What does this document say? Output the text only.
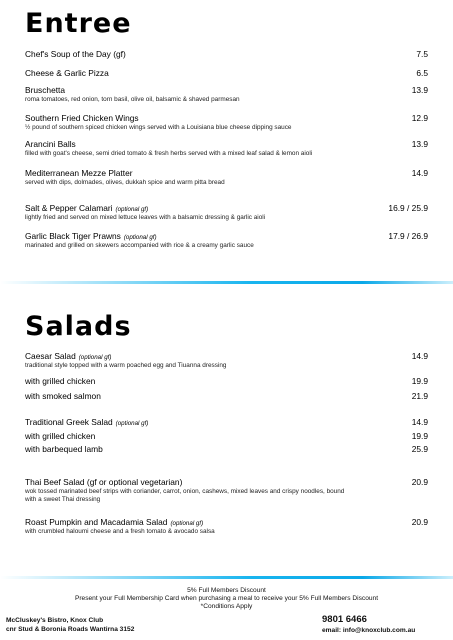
Entree
Chef's Soup of the Day (gf)	7.5
Cheese & Garlic Pizza	6.5
Bruschetta	13.9
roma tomatoes, red onion, torn basil, olive oil, balsamic & shaved parmesan
Southern Fried Chicken Wings	12.9
½ pound of southern spiced chicken wings served with a Louisiana blue cheese dipping sauce
Arancini Balls	13.9
filled with goat's cheese, semi dried tomato & fresh herbs served with a mixed leaf salad & lemon aioli
Mediterranean Mezze Platter	14.9
served with dips, dolmades, olives, dukkah spice and warm pitta bread
Salt & Pepper Calamari (optional gf)	16.9 / 25.9
lightly fried and served on mixed lettuce leaves with a balsamic dressing & garlic aioli
Garlic Black Tiger Prawns (optional gf)	17.9 / 26.9
marinated and grilled on skewers accompanied with rice & a creamy garlic sauce
Salads
Caesar Salad (optional gf)	14.9
traditional style topped with a warm poached egg and Tiuanna dressing
with grilled chicken	19.9
with smoked salmon	21.9
Traditional Greek Salad (optional gf)	14.9
with grilled chicken	19.9
with barbequed lamb	25.9
Thai Beef Salad (gf or optional vegetarian)	20.9
wok tossed marinated beef strips with coriander, carrot, onion, cashews, mixed leaves and crispy noodles, bound with a sweet Thai dressing
Roast Pumpkin and Macadamia Salad (optional gf)	20.9
with crumbled haloumi cheese and a fresh tomato & avocado salsa
5% Full Members Discount
Present your Full Membership Card when purchasing a meal to receive your 5% Full Members Discount
*Conditions Apply
McCluskey's Bistro, Knox Club
cnr Stud & Boronia Roads Wantirna 3152
9801 6466
email: info@knoxclub.com.au
